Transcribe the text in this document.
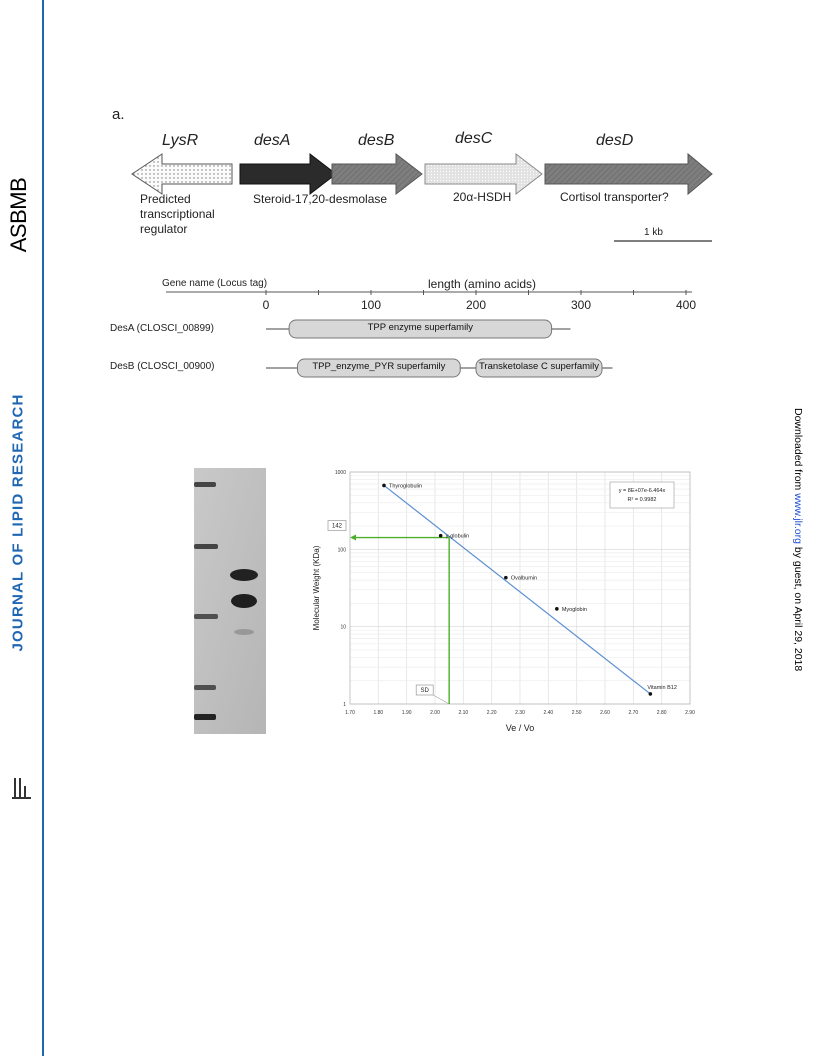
ASBMB
JOURNAL OF LIPID RESEARCH	Downloaded from www.jlr.org by guest, on April 29, 2018
a.
LysR	desA	desB	desC	desD
Predicted
transcriptional
regulator
Steroid-17,20-desmolase	20α-HSDH	Cortisol transporter?
1 kb
Gene name (Locus tag)	length (amino acids)
0	100	200	300	400
DesA (CLOSCI_00899)
DesB (CLOSCI_00900)
TPP enzyme superfamily
TPP_enzyme_PYR superfamily	Transketolase C superfamily
1.70	1.80	1.90	2.00	2.10	2.20	2.30	2.40	2.50	2.60	2.70	2.80	2.90
1000
100
10
1
Ve / Vo
Molecular Weight (KDa)
142
SD
Thyroglobulin
γ-globulin
Ovalbumin
Myoglobin
Vitamin B12
y = 8E+07e-6.464x
R² = 0.9982
